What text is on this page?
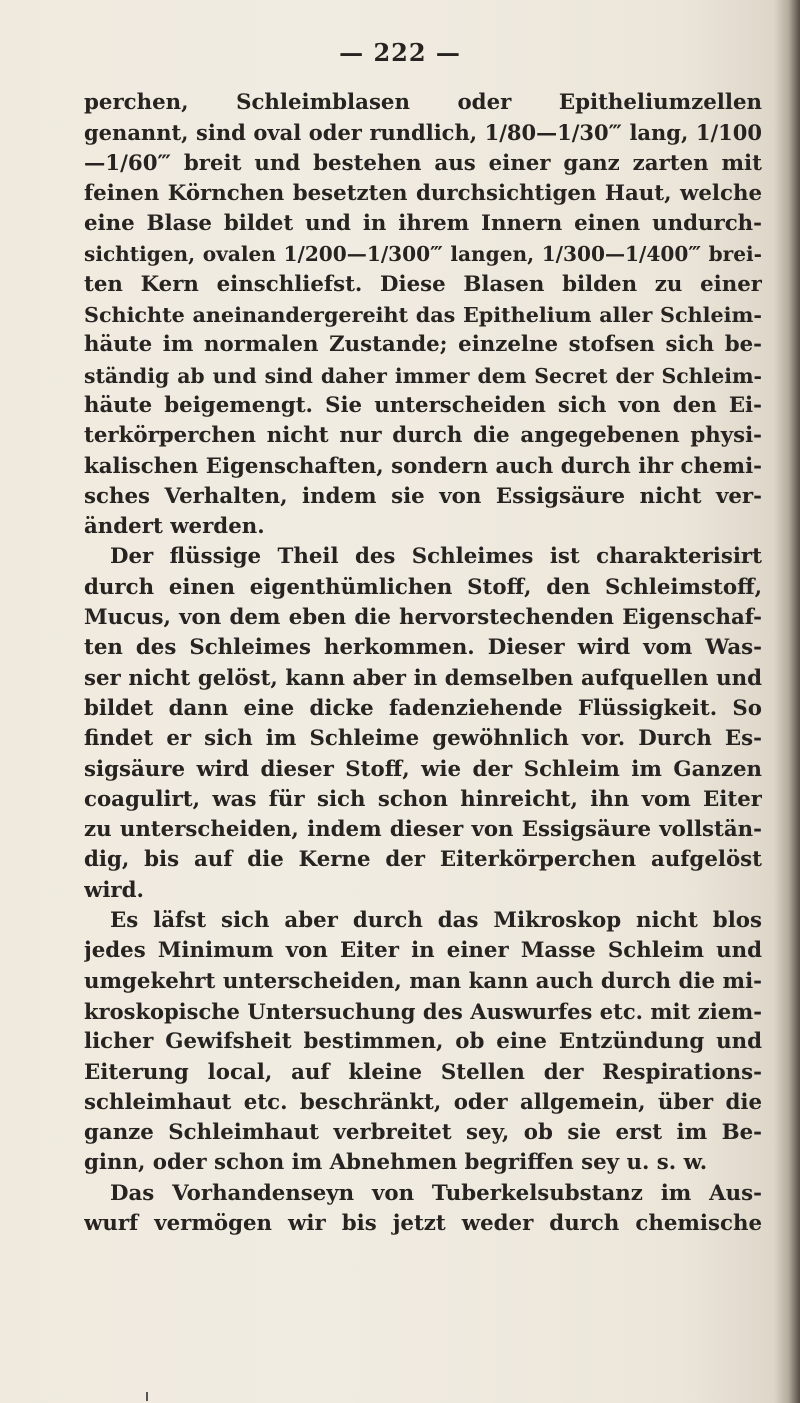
— 222 —
perchen, Schleimblasen oder Epitheliumzellen
genannt, sind oval oder rundlich, 1/80—1/30‴ lang, 1/100
—1/60‴ breit und bestehen aus einer ganz zarten mit
feinen Körnchen besetzten durchsichtigen Haut, welche
eine Blase bildet und in ihrem Innern einen undurch-
sichtigen, ovalen 1/200—1/300‴ langen, 1/300—1/400‴ brei-
ten Kern einschliefst. Diese Blasen bilden zu einer
Schichte aneinandergereiht das Epithelium aller Schleim-
häute im normalen Zustande; einzelne stofsen sich be-
ständig ab und sind daher immer dem Secret der Schleim-
häute beigemengt. Sie unterscheiden sich von den Ei-
terkörperchen nicht nur durch die angegebenen physi-
kalischen Eigenschaften, sondern auch durch ihr chemi-
sches Verhalten, indem sie von Essigsäure nicht ver-
ändert werden.
Der flüssige Theil des Schleimes ist charakterisirt
durch einen eigenthümlichen Stoff, den Schleimstoff,
Mucus, von dem eben die hervorstechenden Eigenschaf-
ten des Schleimes herkommen. Dieser wird vom Was-
ser nicht gelöst, kann aber in demselben aufquellen und
bildet dann eine dicke fadenziehende Flüssigkeit. So
findet er sich im Schleime gewöhnlich vor. Durch Es-
sigsäure wird dieser Stoff, wie der Schleim im Ganzen
coagulirt, was für sich schon hinreicht, ihn vom Eiter
zu unterscheiden, indem dieser von Essigsäure vollstän-
dig, bis auf die Kerne der Eiterkörperchen aufgelöst
wird.
Es läfst sich aber durch das Mikroskop nicht blos
jedes Minimum von Eiter in einer Masse Schleim und
umgekehrt unterscheiden, man kann auch durch die mi-
kroskopische Untersuchung des Auswurfes etc. mit ziem-
licher Gewifsheit bestimmen, ob eine Entzündung und
Eiterung local, auf kleine Stellen der Respirations-
schleimhaut etc. beschränkt, oder allgemein, über die
ganze Schleimhaut verbreitet sey, ob sie erst im Be-
ginn, oder schon im Abnehmen begriffen sey u. s. w.
Das Vorhandenseyn von Tuberkelsubstanz im Aus-
wurf vermögen wir bis jetzt weder durch chemische
